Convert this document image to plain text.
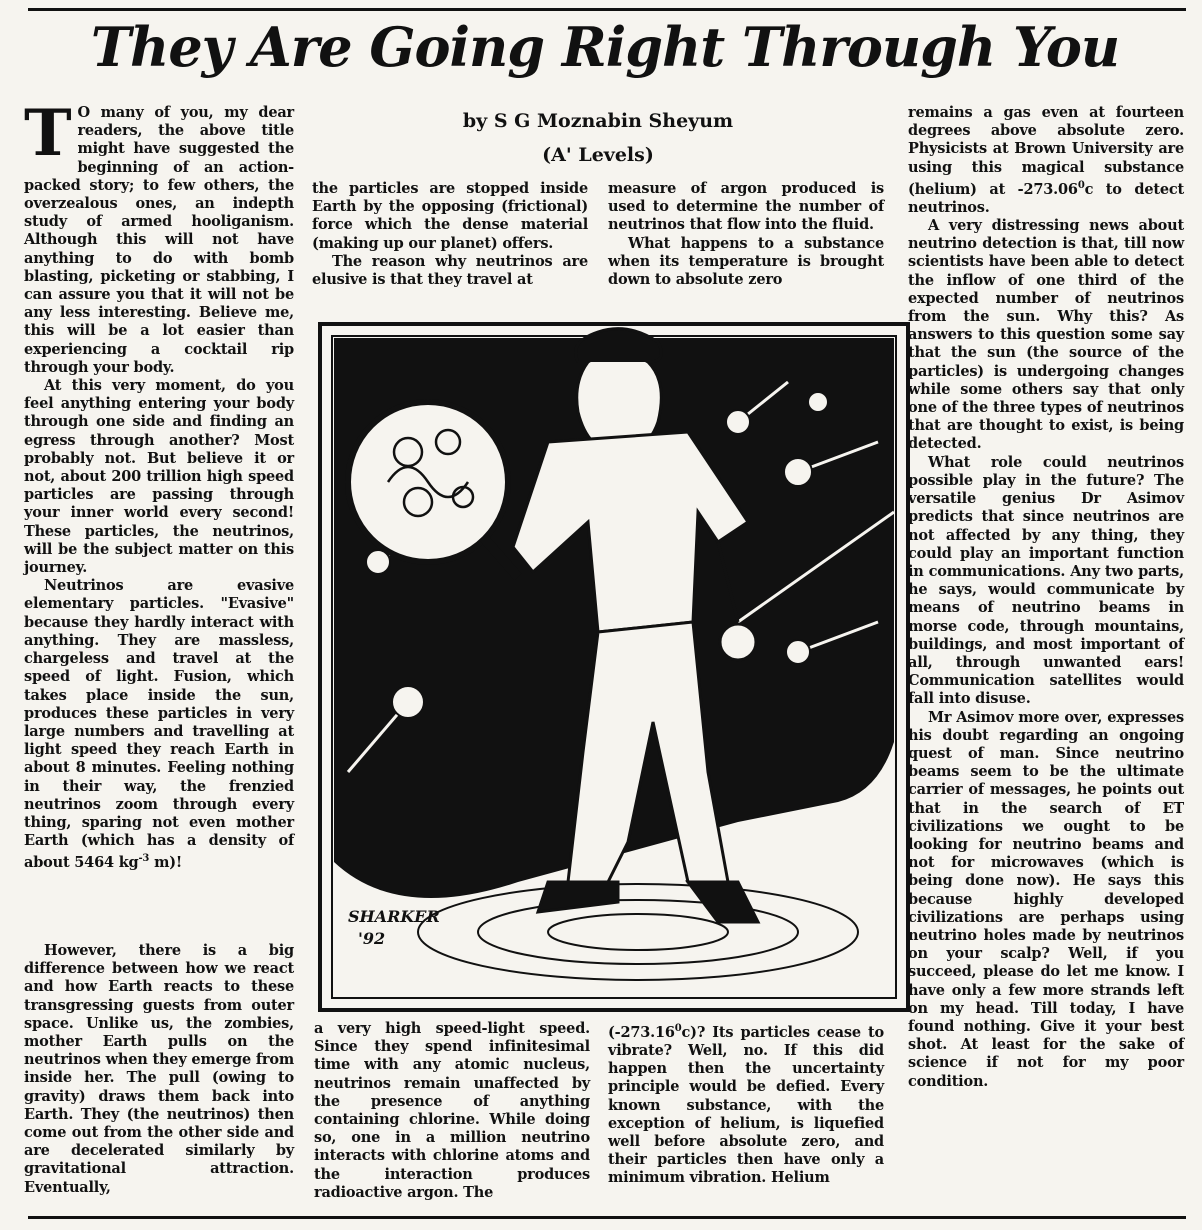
They Are Going Right Through You
by S G Moznabin Sheyum
(A' Levels)

T O many of you, my dear readers, the above title might have suggested the beginning of an action-packed story; to few others, the overzealous ones, an indepth study of armed hooliganism. Although this will not have anything to do with bomb blasting, picketing or stabbing, I can assure you that it will not be any less interesting. Believe me, this will be a lot easier than experiencing a cocktail rip through your body.

At this very moment, do you feel anything entering your body through one side and finding an egress through another? Most probably not. But believe it or not, about 200 trillion high speed particles are passing through your inner world every second! These particles, the neutrinos, will be the subject matter on this journey.

Neutrinos are evasive elementary particles. "Evasive" because they hardly interact with anything. They are massless, chargeless and travel at the speed of light. Fusion, which takes place inside the sun, produces these particles in very large numbers and travelling at light speed they reach Earth in about 8 minutes. Feeling nothing in their way, the frenzied neutrinos zoom through every thing, sparing not even mother Earth (which has a density of about 5464 $kg^{-3}$ m)!

However, there is a big difference between how we react and how Earth reacts to these transgressing guests from outer space. Unlike us, the zombies, mother Earth pulls on the neutrinos when they emerge from inside her. The pull (owing to gravity) draws them back into Earth. They (the neutrinos) then come out from the other side and are decelerated similarly by gravitational attraction. Eventually,

the particles are stopped inside Earth by the opposing (frictional) force which the dense material (making up our planet) offers.

The reason why neutrinos are elusive is that they travel at

measure of argon produced is used to determine the number of neutrinos that flow into the fluid.

What happens to a substance when its temperature is brought down to absolute zero

SHARKER
'92

a very high speed-light speed. Since they spend infinitesimal time with any atomic nucleus, neutrinos remain unaffected by the presence of anything containing chlorine. While doing so, one in a million neutrino interacts with chlorine atoms and the interaction produces radioactive argon. The

(-273.16$^0$c)? Its particles cease to vibrate? Well, no. If this did happen then the uncertainty principle would be defied. Every known substance, with the exception of helium, is liquefied well before absolute zero, and their particles then have only a minimum vibration. Helium

remains a gas even at fourteen degrees above absolute zero. Physicists at Brown University are using this magical substance (helium) at -273.06$^0$c to detect neutrinos.

A very distressing news about neutrino detection is that, till now scientists have been able to detect the inflow of one third of the expected number of neutrinos from the sun. Why this? As answers to this question some say that the sun (the source of the particles) is undergoing changes while some others say that only one of the three types of neutrinos that are thought to exist, is being detected.

What role could neutrinos possible play in the future? The versatile genius Dr Asimov predicts that since neutrinos are not affected by any thing, they could play an important function in communications. Any two parts, he says, would communicate by means of neutrino beams in morse code, through mountains, buildings, and most important of all, through unwanted ears! Communication satellites would fall into disuse.

Mr Asimov more over, expresses his doubt regarding an ongoing quest of man. Since neutrino beams seem to be the ultimate carrier of messages, he points out that in the search of ET civilizations we ought to be looking for neutrino beams and not for microwaves (which is being done now). He says this because highly developed civilizations are perhaps using neutrino holes made by neutrinos on your scalp? Well, if you succeed, please do let me know. I have only a few more strands left on my head. Till today, I have found nothing. Give it your best shot. At least for the sake of science if not for my poor condition.
